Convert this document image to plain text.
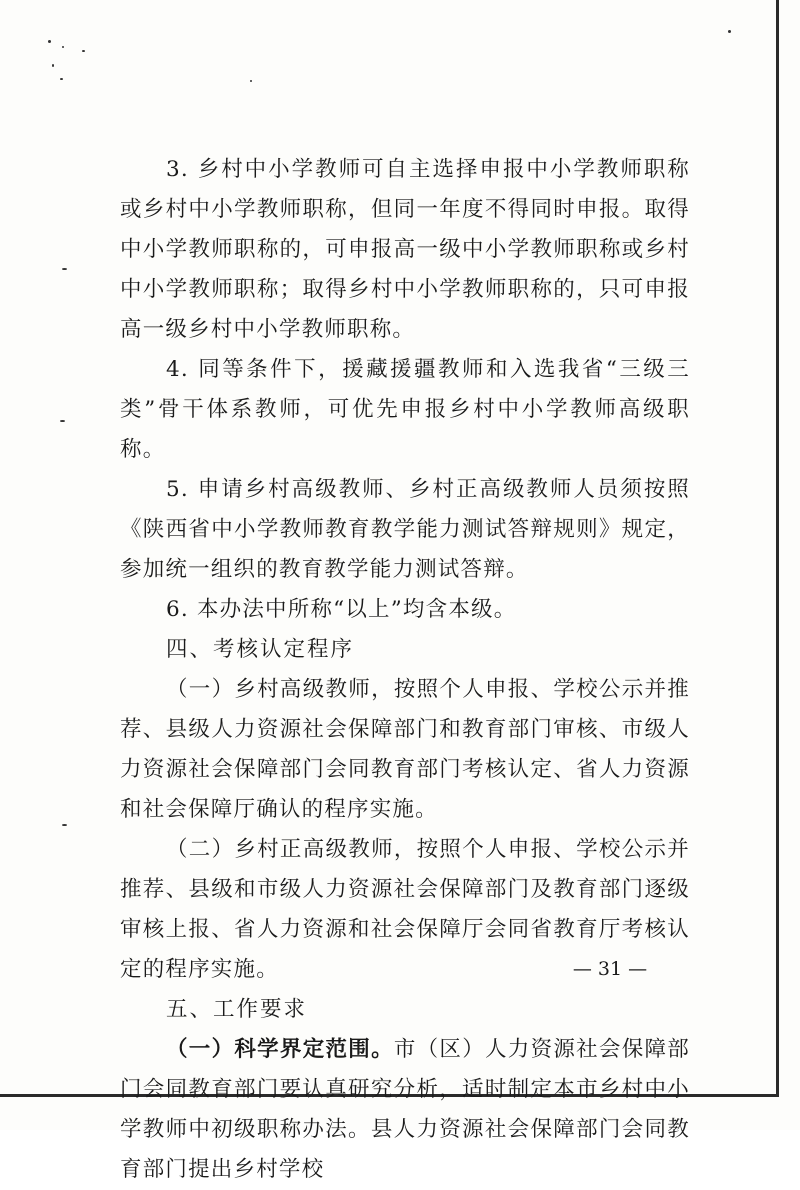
3. 乡村中小学教师可自主选择申报中小学教师职称或乡村中小学教师职称，但同一年度不得同时申报。取得中小学教师职称的，可申报高一级中小学教师职称或乡村中小学教师职称；取得乡村中小学教师职称的，只可申报高一级乡村中小学教师职称。

4. 同等条件下，援藏援疆教师和入选我省“三级三类”骨干体系教师，可优先申报乡村中小学教师高级职称。

5. 申请乡村高级教师、乡村正高级教师人员须按照《陕西省中小学教师教育教学能力测试答辩规则》规定，参加统一组织的教育教学能力测试答辩。

6. 本办法中所称“以上”均含本级。

四、考核认定程序

（一）乡村高级教师，按照个人申报、学校公示并推荐、县级人力资源社会保障部门和教育部门审核、市级人力资源社会保障部门会同教育部门考核认定、省人力资源和社会保障厅确认的程序实施。

（二）乡村正高级教师，按照个人申报、学校公示并推荐、县级和市级人力资源社会保障部门及教育部门逐级审核上报、省人力资源和社会保障厅会同省教育厅考核认定的程序实施。

五、工作要求

（一）科学界定范围。市（区）人力资源社会保障部门会同教育部门要认真研究分析，适时制定本市乡村中小学教师中初级职称办法。县人力资源社会保障部门会同教育部门提出乡村学校

— 31 —
